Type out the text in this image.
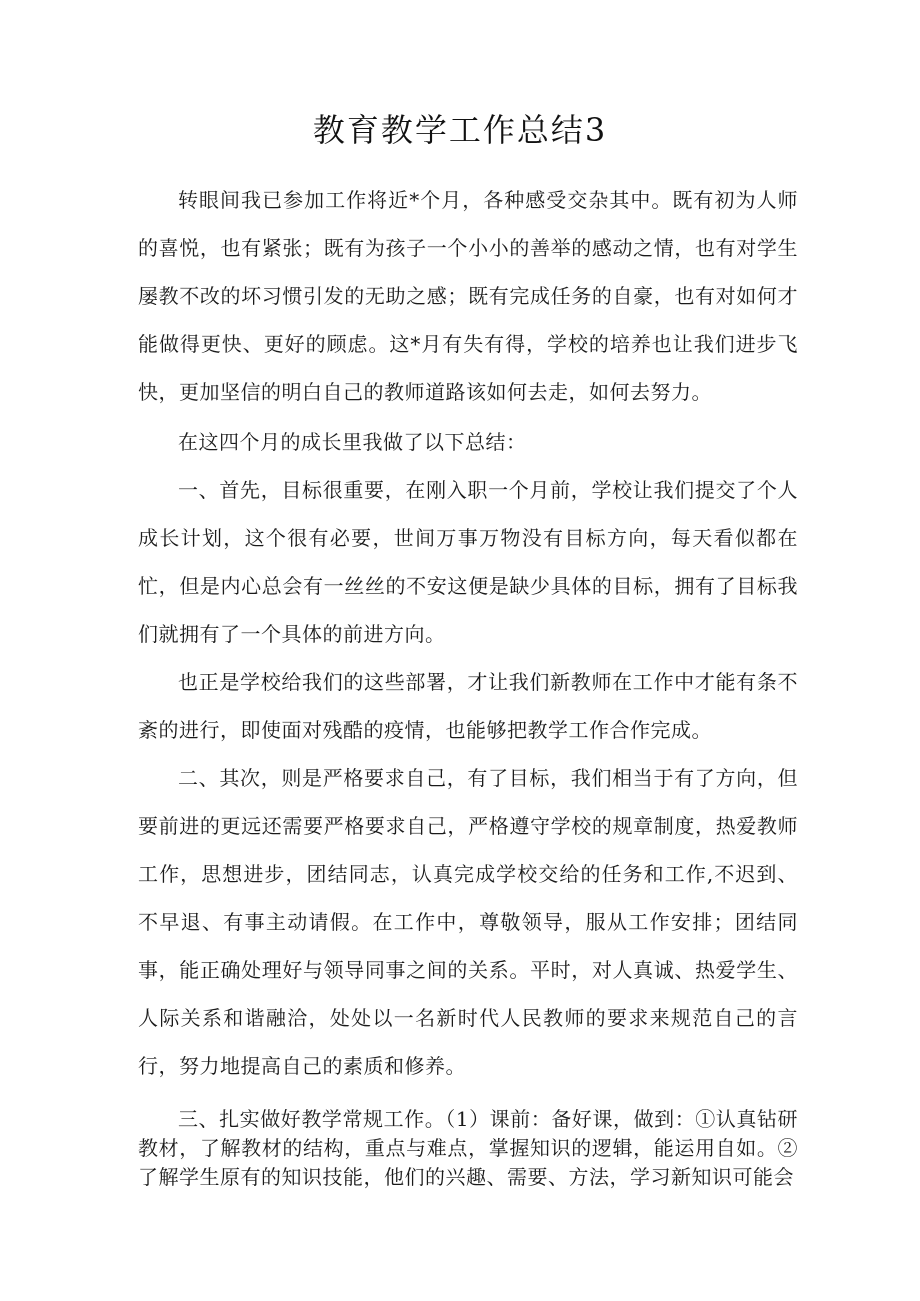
教育教学工作总结3

转眼间我已参加工作将近*个月，各种感受交杂其中。既有初为人师的喜悦，也有紧张；既有为孩子一个小小的善举的感动之情，也有对学生屡教不改的坏习惯引发的无助之感；既有完成任务的自豪，也有对如何才能做得更快、更好的顾虑。这*月有失有得，学校的培养也让我们进步飞快，更加坚信的明白自己的教师道路该如何去走，如何去努力。

在这四个月的成长里我做了以下总结：

一、首先，目标很重要，在刚入职一个月前，学校让我们提交了个人成长计划，这个很有必要，世间万事万物没有目标方向，每天看似都在忙，但是内心总会有一丝丝的不安这便是缺少具体的目标，拥有了目标我们就拥有了一个具体的前进方向。

也正是学校给我们的这些部署，才让我们新教师在工作中才能有条不紊的进行，即使面对残酷的疫情，也能够把教学工作合作完成。

二、其次，则是严格要求自己，有了目标，我们相当于有了方向，但要前进的更远还需要严格要求自己，严格遵守学校的规章制度，热爱教师工作，思想进步，团结同志，认真完成学校交给的任务和工作,不迟到、不早退、有事主动请假。在工作中，尊敬领导，服从工作安排；团结同事，能正确处理好与领导同事之间的关系。平时，对人真诚、热爱学生、人际关系和谐融洽，处处以一名新时代人民教师的要求来规范自己的言行，努力地提高自己的素质和修养。

三、扎实做好教学常规工作。（1）课前：备好课，做到：①认真钻研教材，了解教材的结构，重点与难点，掌握知识的逻辑，能运用自如。②了解学生原有的知识技能，他们的兴趣、需要、方法，学习新知识可能会
